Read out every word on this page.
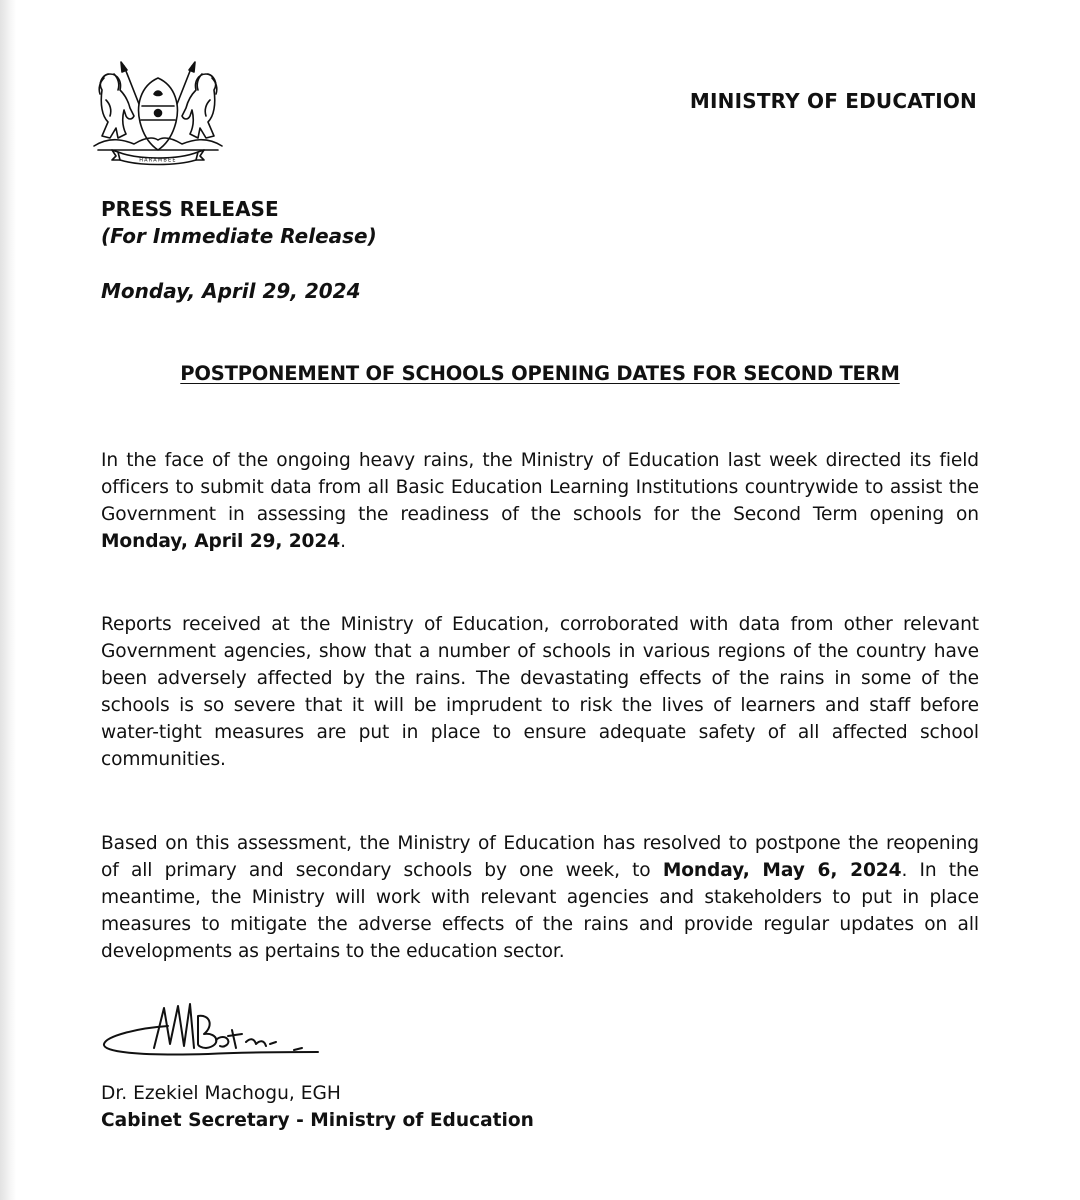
HARAMBEE
MINISTRY OF EDUCATION
PRESS RELEASE
(For Immediate Release)
Monday, April 29, 2024
POSTPONEMENT OF SCHOOLS OPENING DATES FOR SECOND TERM

In the face of the ongoing heavy rains, the Ministry of Education last week directed its field officers to submit data from all Basic Education Learning Institutions countrywide to assist the Government in assessing the readiness of the schools for the Second Term opening on Monday, April 29, 2024.

Reports received at the Ministry of Education, corroborated with data from other relevant Government agencies, show that a number of schools in various regions of the country have been adversely affected by the rains. The devastating effects of the rains in some of the schools is so severe that it will be imprudent to risk the lives of learners and staff before water-tight measures are put in place to ensure adequate safety of all affected school communities.

Based on this assessment, the Ministry of Education has resolved to postpone the reopening of all primary and secondary schools by one week, to Monday, May 6, 2024. In the meantime, the Ministry will work with relevant agencies and stakeholders to put in place measures to mitigate the adverse effects of the rains and provide regular updates on all developments as pertains to the education sector.

Dr. Ezekiel Machogu, EGH
Cabinet Secretary - Ministry of Education
